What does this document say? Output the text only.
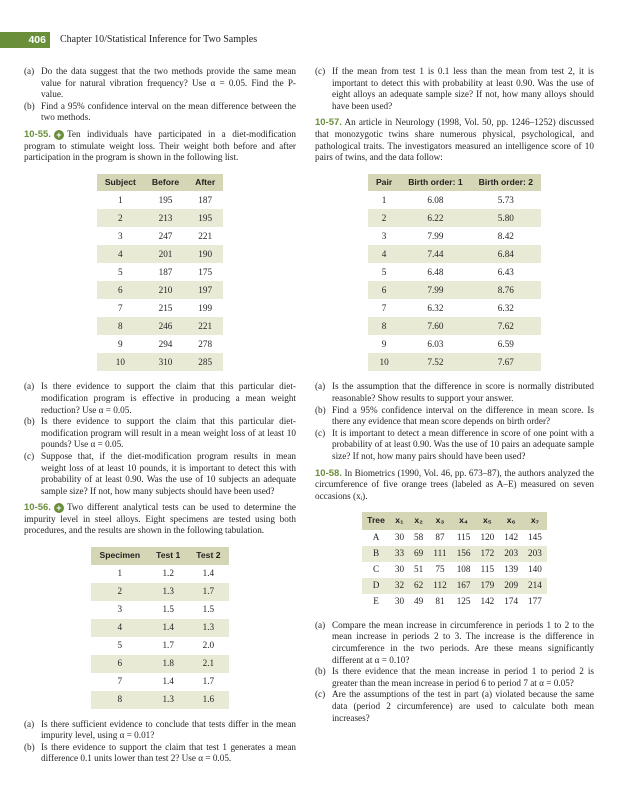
406	Chapter 10/Statistical Inference for Two Samples
(a) Do the data suggest that the two methods provide the same mean value for natural vibration frequency? Use α = 0.05. Find the P-value.
(b) Find a 95% confidence interval on the mean difference between the two methods.

10-55. + Ten individuals have participated in a diet-modification program to stimulate weight loss. Their weight both before and after participation in the program is shown in the following list.

Subject	Before	After
1	195	187
2	213	195
3	247	221
4	201	190
5	187	175
6	210	197
7	215	199
8	246	221
9	294	278
10	310	285
(a) Is there evidence to support the claim that this particular diet-modification program is effective in producing a mean weight reduction? Use α = 0.05.
(b) Is there evidence to support the claim that this particular diet-modification program will result in a mean weight loss of at least 10 pounds? Use α = 0.05.
(c) Suppose that, if the diet-modification program results in mean weight loss of at least 10 pounds, it is important to detect this with probability of at least 0.90. Was the use of 10 subjects an adequate sample size? If not, how many subjects should have been used?

10-56. + Two different analytical tests can be used to determine the impurity level in steel alloys. Eight specimens are tested using both procedures, and the results are shown in the following tabulation.

Specimen	Test 1	Test 2
1	1.2	1.4
2	1.3	1.7
3	1.5	1.5
4	1.4	1.3
5	1.7	2.0
6	1.8	2.1
7	1.4	1.7
8	1.3	1.6
(a) Is there sufficient evidence to conclude that tests differ in the mean impurity level, using α = 0.01?
(b) Is there evidence to support the claim that test 1 generates a mean difference 0.1 units lower than test 2? Use α = 0.05.
(c) If the mean from test 1 is 0.1 less than the mean from test 2, it is important to detect this with probability at least 0.90. Was the use of eight alloys an adequate sample size? If not, how many alloys should have been used?

10-57. An article in Neurology (1998, Vol. 50, pp. 1246–1252) discussed that monozygotic twins share numerous physical, psychological, and pathological traits. The investigators measured an intelligence score of 10 pairs of twins, and the data follow:

Pair	Birth order: 1	Birth order: 2
1	6.08	5.73
2	6.22	5.80
3	7.99	8.42
4	7.44	6.84
5	6.48	6.43
6	7.99	8.76
7	6.32	6.32
8	7.60	7.62
9	6.03	6.59
10	7.52	7.67
(a) Is the assumption that the difference in score is normally distributed reasonable? Show results to support your answer.
(b) Find a 95% confidence interval on the difference in mean score. Is there any evidence that mean score depends on birth order?
(c) It is important to detect a mean difference in score of one point with a probability of at least 0.90. Was the use of 10 pairs an adequate sample size? If not, how many pairs should have been used?

10-58. In Biometrics (1990, Vol. 46, pp. 673–87), the authors analyzed the circumference of five orange trees (labeled as A–E) measured on seven occasions (xᵢ).

Tree	x₁	x₂	x₃	x₄	x₅	x₆	x₇
A	30	58	87	115	120	142	145
B	33	69	111	156	172	203	203
C	30	51	75	108	115	139	140
D	32	62	112	167	179	209	214
E	30	49	81	125	142	174	177
(a) Compare the mean increase in circumference in periods 1 to 2 to the mean increase in periods 2 to 3. The increase is the difference in circumference in the two periods. Are these means significantly different at α = 0.10?
(b) Is there evidence that the mean increase in period 1 to period 2 is greater than the mean increase in period 6 to period 7 at α = 0.05?
(c) Are the assumptions of the test in part (a) violated because the same data (period 2 circumference) are used to calculate both mean increases?
